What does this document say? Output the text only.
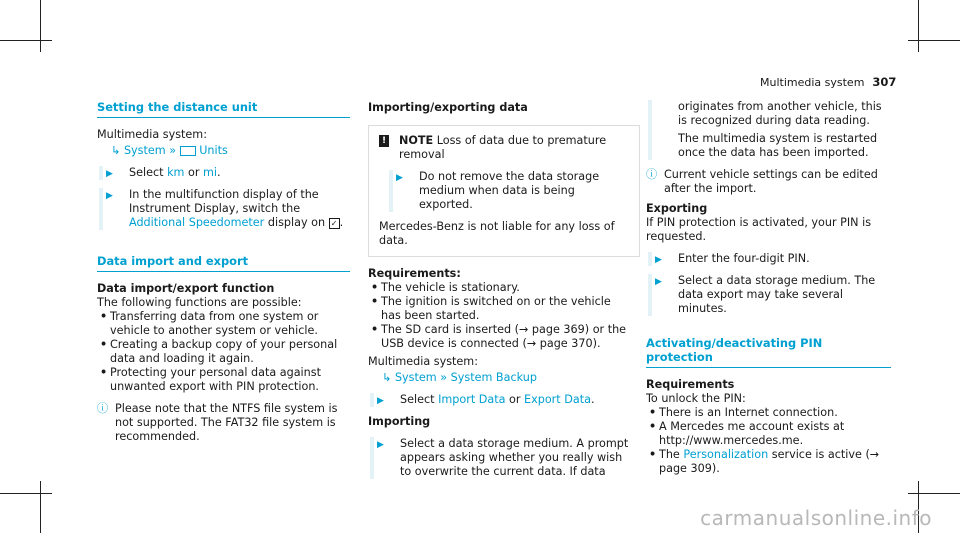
Multimedia system 307
Setting the distance unit

Multimedia system:

↳ System » Units

▶	Select km or mi.
▶	In the multifunction display of the Instrument Display, switch the Additional Speedometer display on ✓ .
Data import and export

Data import/export function

The following functions are possible:

• Transferring data from one system or vehicle to another system or vehicle.
• Creating a backup copy of your personal data and loading it again.
• Protecting your personal data against unwanted export with PIN protection.
ⓘ Please note that the NTFS file system is not supported. The FAT32 file system is recommended.

Importing/exporting data

! NOTE Loss of data due to premature removal

▶	Do not remove the data storage medium when data is being exported.

Mercedes-Benz is not liable for any loss of data.

Requirements:

• The vehicle is stationary.
• The ignition is switched on or the vehicle has been started.
• The SD card is inserted (→ page 369) or the USB device is connected (→ page 370).

Multimedia system:

↳ System » System Backup

▶	Select Import Data or Export Data.

Importing

▶	Select a data storage medium. A prompt appears asking whether you really wish to overwrite the current data. If data

originates from another vehicle, this is recognized during data reading.

The multimedia system is restarted once the data has been imported.

ⓘ Current vehicle settings can be edited after the import.

Exporting

If PIN protection is activated, your PIN is requested.

▶	Enter the four-digit PIN.
▶	Select a data storage medium. The data export may take several minutes.
Activating/deactivating PIN protection

Requirements

To unlock the PIN:

• There is an Internet connection.
• A Mercedes me account exists at http://www.mercedes.me.
• The Personalization service is active (→ page 309).
carmanualsonline.info
